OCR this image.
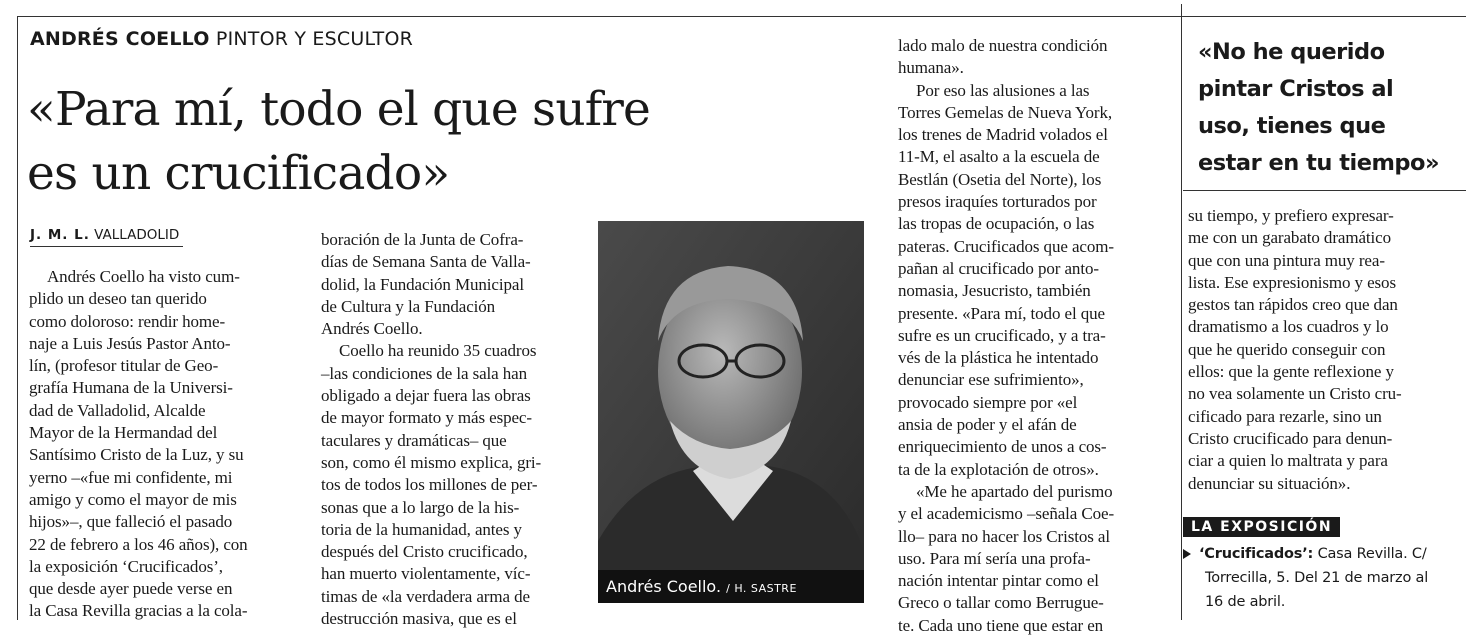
ANDRÉS COELLO PINTOR Y ESCULTOR
«Para mí, todo el que sufre
es un crucificado»
J. M. L. VALLADOLID
Andrés Coello ha visto cum-
plido un deseo tan querido
como doloroso: rendir home-
naje a Luis Jesús Pastor Anto-
lín, (profesor titular de Geo-
grafía Humana de la Universi-
dad de Valladolid, Alcalde
Mayor de la Hermandad del
Santísimo Cristo de la Luz, y su
yerno –«fue mi confidente, mi
amigo y como el mayor de mis
hijos»–, que falleció el pasado
22 de febrero a los 46 años), con
la exposición ‘Crucificados’,
que desde ayer puede verse en
la Casa Revilla gracias a la cola-
boración de la Junta de Cofra-
días de Semana Santa de Valla-
dolid, la Fundación Municipal
de Cultura y la Fundación
Andrés Coello.
Coello ha reunido 35 cuadros
–las condiciones de la sala han
obligado a dejar fuera las obras
de mayor formato y más espec-
taculares y dramáticas– que
son, como él mismo explica, gri-
tos de todos los millones de per-
sonas que a lo largo de la his-
toria de la humanidad, antes y
después del Cristo crucificado,
han muerto violentamente, víc-
timas de «la verdadera arma de
destrucción masiva, que es el
Andrés Coello. / H. SASTRE
lado malo de nuestra condición
humana».
Por eso las alusiones a las
Torres Gemelas de Nueva York,
los trenes de Madrid volados el
11-M, el asalto a la escuela de
Bestlán (Osetia del Norte), los
presos iraquíes torturados por
las tropas de ocupación, o las
pateras. Crucificados que acom-
pañan al crucificado por anto-
nomasia, Jesucristo, también
presente. «Para mí, todo el que
sufre es un crucificado, y a tra-
vés de la plástica he intentado
denunciar ese sufrimiento»,
provocado siempre por «el
ansia de poder y el afán de
enriquecimiento de unos a cos-
ta de la explotación de otros».
«Me he apartado del purismo
y el academicismo –señala Coe-
llo– para no hacer los Cristos al
uso. Para mí sería una profa-
nación intentar pintar como el
Greco o tallar como Berrugue-
te. Cada uno tiene que estar en
«No he querido
pintar Cristos al
uso, tienes que
estar en tu tiempo»
su tiempo, y prefiero expresar-
me con un garabato dramático
que con una pintura muy rea-
lista. Ese expresionismo y esos
gestos tan rápidos creo que dan
dramatismo a los cuadros y lo
que he querido conseguir con
ellos: que la gente reflexione y
no vea solamente un Cristo cru-
cificado para rezarle, sino un
Cristo crucificado para denun-
ciar a quien lo maltrata y para
denunciar su situación».
LA EXPOSICIÓN
‘Crucificados’: Casa Revilla. C/
Torrecilla, 5. Del 21 de marzo al
16 de abril.
